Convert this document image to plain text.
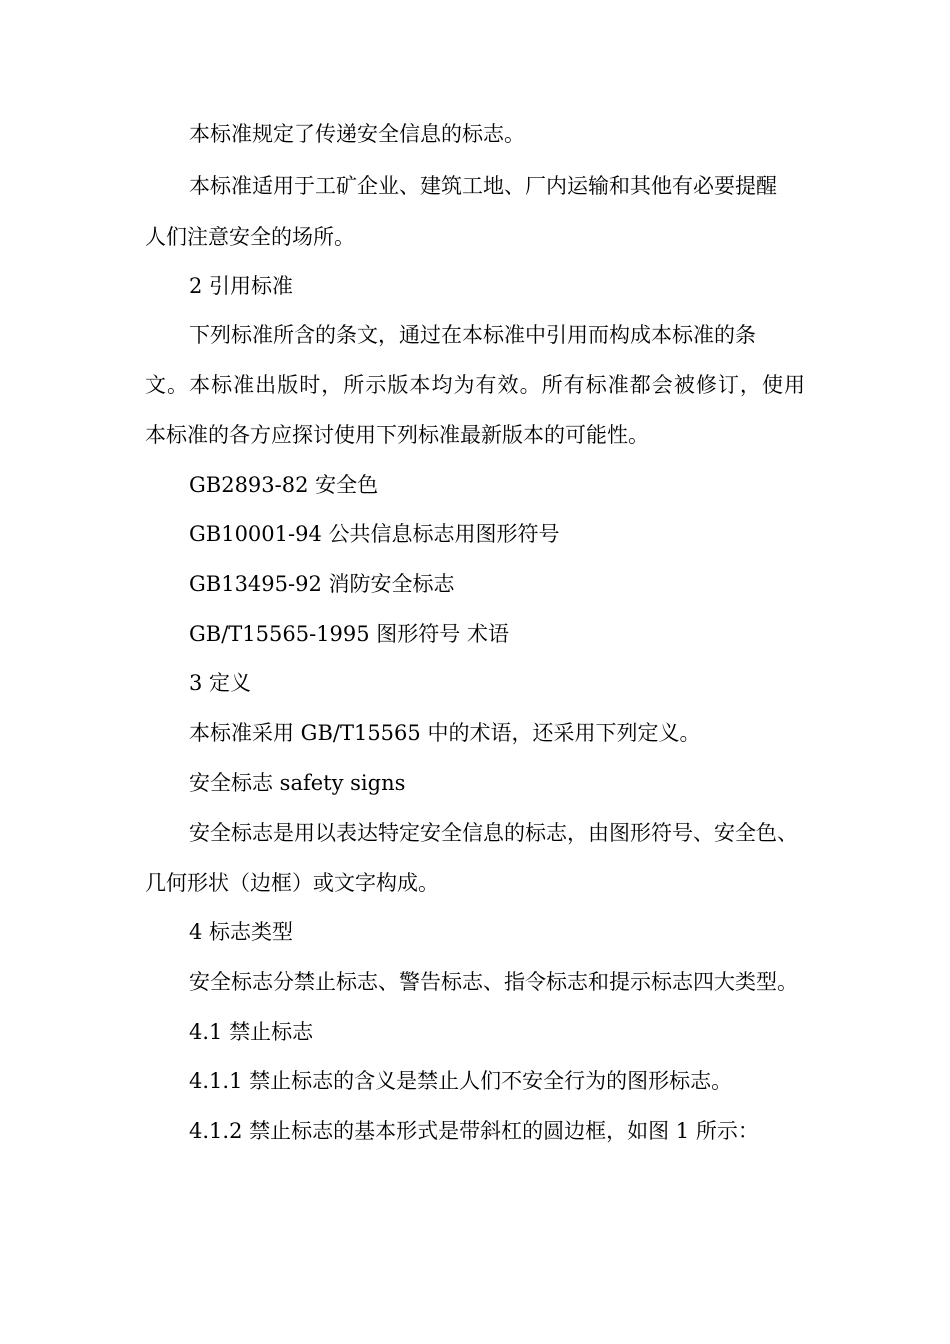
本标准规定了传递安全信息的标志。

本标准适用于工矿企业、建筑工地、厂内运输和其他有必要提醒

人们注意安全的场所。

2 引用标准

下列标准所含的条文，通过在本标准中引用而构成本标准的条

文。本标准出版时，所示版本均为有效。所有标准都会被修订，使用

本标准的各方应探讨使用下列标准最新版本的可能性。

GB2893-82 安全色

GB10001-94 公共信息标志用图形符号

GB13495-92 消防安全标志

GB/T15565-1995 图形符号 术语

3 定义

本标准采用 GB/T15565 中的术语，还采用下列定义。

安全标志 safety signs

安全标志是用以表达特定安全信息的标志，由图形符号、安全色、

几何形状（边框）或文字构成。

4 标志类型

安全标志分禁止标志、警告标志、指令标志和提示标志四大类型。

4.1 禁止标志

4.1.1 禁止标志的含义是禁止人们不安全行为的图形标志。

4.1.2 禁止标志的基本形式是带斜杠的圆边框，如图 1 所示：
